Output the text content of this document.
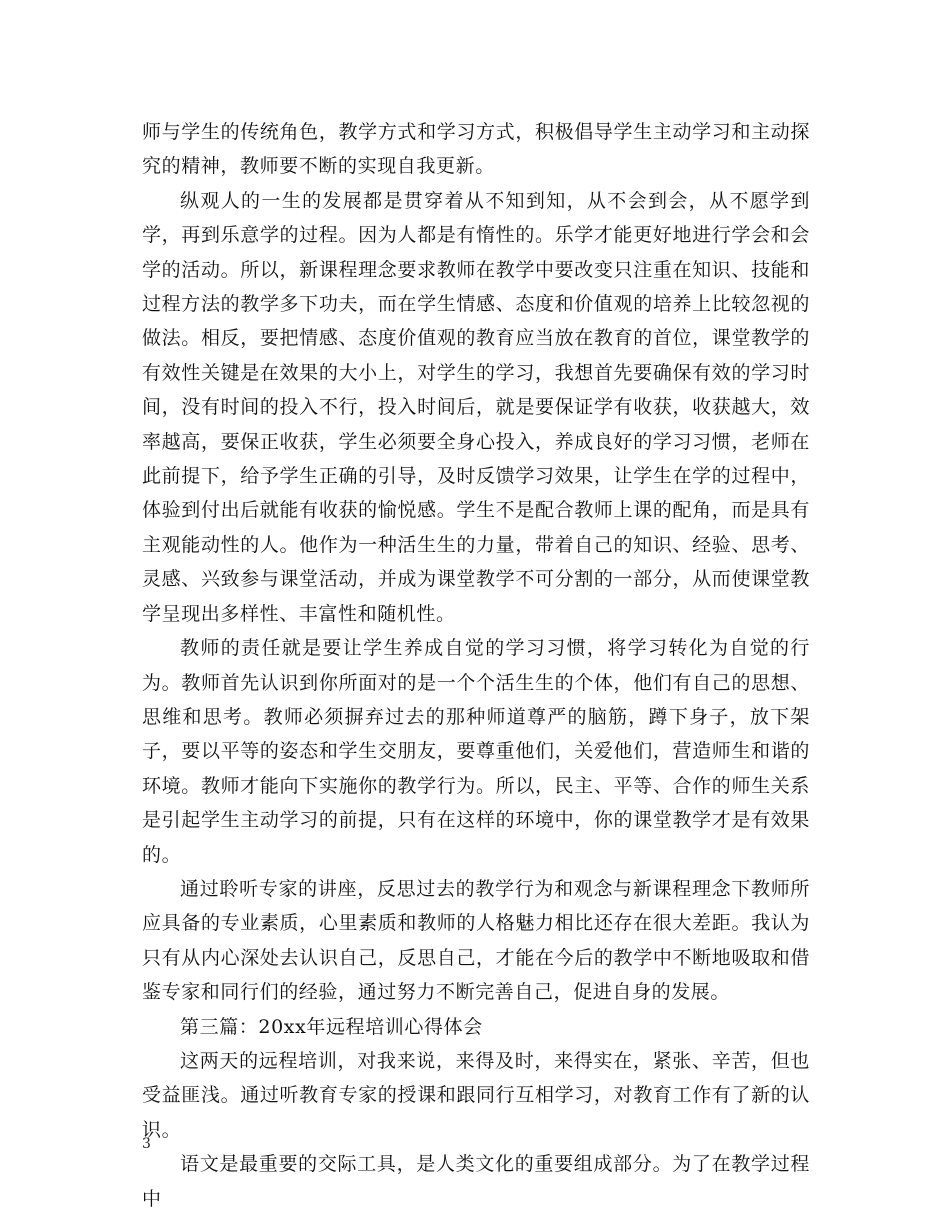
师与学生的传统角色，教学方式和学习方式，积极倡导学生主动学习和主动探究的精神，教师要不断的实现自我更新。

纵观人的一生的发展都是贯穿着从不知到知，从不会到会，从不愿学到学，再到乐意学的过程。因为人都是有惰性的。乐学才能更好地进行学会和会学的活动。所以，新课程理念要求教师在教学中要改变只注重在知识、技能和过程方法的教学多下功夫，而在学生情感、态度和价值观的培养上比较忽视的做法。相反，要把情感、态度价值观的教育应当放在教育的首位，课堂教学的有效性关键是在效果的大小上，对学生的学习，我想首先要确保有效的学习时间，没有时间的投入不行，投入时间后，就是要保证学有收获，收获越大，效率越高，要保正收获，学生必须要全身心投入，养成良好的学习习惯，老师在此前提下，给予学生正确的引导，及时反馈学习效果，让学生在学的过程中，体验到付出后就能有收获的愉悦感。学生不是配合教师上课的配角，而是具有主观能动性的人。他作为一种活生生的力量，带着自己的知识、经验、思考、灵感、兴致参与课堂活动，并成为课堂教学不可分割的一部分，从而使课堂教学呈现出多样性、丰富性和随机性。

教师的责任就是要让学生养成自觉的学习习惯，将学习转化为自觉的行为。教师首先认识到你所面对的是一个个活生生的个体，他们有自己的思想、思维和思考。教师必须摒弃过去的那种师道尊严的脑筋，蹲下身子，放下架子，要以平等的姿态和学生交朋友，要尊重他们，关爱他们，营造师生和谐的环境。教师才能向下实施你的教学行为。所以，民主、平等、合作的师生关系是引起学生主动学习的前提，只有在这样的环境中，你的课堂教学才是有效果的。

通过聆听专家的讲座，反思过去的教学行为和观念与新课程理念下教师所应具备的专业素质，心里素质和教师的人格魅力相比还存在很大差距。我认为只有从内心深处去认识自己，反思自己，才能在今后的教学中不断地吸取和借鉴专家和同行们的经验，通过努力不断完善自己，促进自身的发展。

第三篇：20xx年远程培训心得体会

这两天的远程培训，对我来说，来得及时，来得实在，紧张、辛苦，但也受益匪浅。通过听教育专家的授课和跟同行互相学习，对教育工作有了新的认识。

语文是最重要的交际工具，是人类文化的重要组成部分。为了在教学过程中

3
